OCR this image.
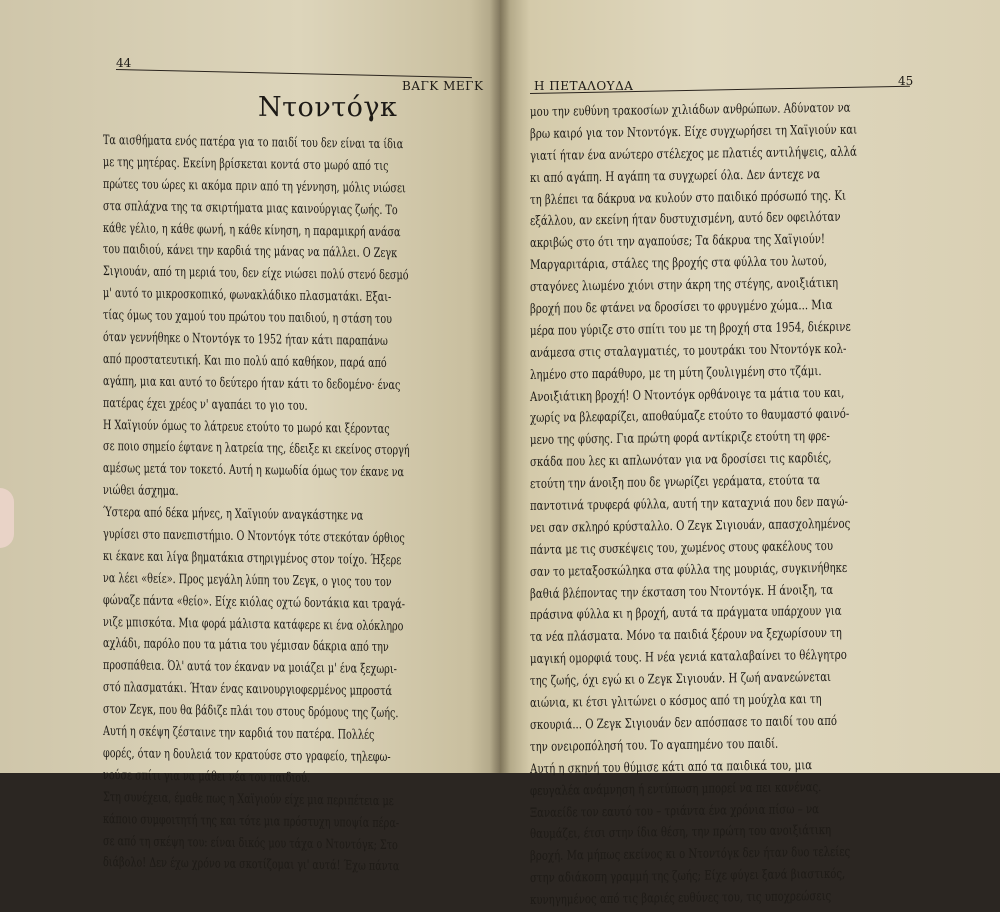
44
ΒΑΓΚ ΜΕΓΚ
Ντοντόγκ
Τα αισθήματα ενός πατέρα για το παιδί του δεν είναι τα ίδια
με της μητέρας. Εκείνη βρίσκεται κοντά στο μωρό από τις
πρώτες του ώρες κι ακόμα πριν από τη γέννηση, μόλις νιώσει
στα σπλάχνα της τα σκιρτήματα μιας καινούργιας ζωής. Το
κάθε γέλιο, η κάθε φωνή, η κάθε κίνηση, η παραμικρή ανάσα
του παιδιού, κάνει την καρδιά της μάνας να πάλλει. Ο Ζεγκ
Σιγιουάν, από τη μεριά του, δεν είχε νιώσει πολύ στενό δεσμό
μ' αυτό το μικροσκοπικό, φωνακλάδικο πλασματάκι. Εξαι-
τίας όμως του χαμού του πρώτου του παιδιού, η στάση του
όταν γεννήθηκε ο Ντοντόγκ το 1952 ήταν κάτι παραπάνω
από προστατευτική. Και πιο πολύ από καθήκον, παρά από
αγάπη, μια και αυτό το δεύτερο ήταν κάτι το δεδομένο· ένας
πατέρας έχει χρέος ν' αγαπάει το γιο του.
Η Χαϊγιούν όμως το λάτρευε ετούτο το μωρό και ξέροντας
σε ποιο σημείο έφτανε η λατρεία της, έδειξε κι εκείνος στοργή
αμέσως μετά τον τοκετό. Αυτή η κωμωδία όμως τον έκανε να
νιώθει άσχημα.
Ύστερα από δέκα μήνες, η Χαϊγιούν αναγκάστηκε να
γυρίσει στο πανεπιστήμιο. Ο Ντοντόγκ τότε στεκόταν όρθιος
κι έκανε και λίγα βηματάκια στηριγμένος στον τοίχο. Ήξερε
να λέει «θείε». Προς μεγάλη λύπη του Ζεγκ, ο γιος του τον
φώναζε πάντα «θείο». Είχε κιόλας οχτώ δοντάκια και τραγά-
νιζε μπισκότα. Μια φορά μάλιστα κατάφερε κι ένα ολόκληρο
αχλάδι, παρόλο που τα μάτια του γέμισαν δάκρια από την
προσπάθεια. Όλ' αυτά τον έκαναν να μοιάζει μ' ένα ξεχωρι-
στό πλασματάκι. Ήταν ένας καινουργιοφερμένος μπροστά
στον Ζεγκ, που θα βάδιζε πλάι του στους δρόμους της ζωής.
Αυτή η σκέψη ζέσταινε την καρδιά του πατέρα. Πολλές
φορές, όταν η δουλειά τον κρατούσε στο γραφείο, τηλεφω-
νούσε σπίτι για να μάθει νέα του παιδιού.
Στη συνέχεια, έμαθε πως η Χαϊγιούν είχε μια περιπέτεια με
κάποιο συμφοιτητή της και τότε μια πρόστυχη υποψία πέρα-
σε από τη σκέψη του: είναι δικός μου τάχα ο Ντοντόγκ; Στο
διάβολο! Δεν έχω χρόνο να σκοτίζομαι γι' αυτά! Έχω πάντα
45
Η ΠΕΤΑΛΟΥΔΑ
μου την ευθύνη τρακοσίων χιλιάδων ανθρώπων. Αδύνατον να
βρω καιρό για τον Ντοντόγκ. Είχε συγχωρήσει τη Χαϊγιούν και
γιατί ήταν ένα ανώτερο στέλεχος με πλατιές αντιλήψεις, αλλά
κι από αγάπη. Η αγάπη τα συγχωρεί όλα. Δεν άντεχε να
τη βλέπει τα δάκρυα να κυλούν στο παιδικό πρόσωπό της. Κι
εξάλλου, αν εκείνη ήταν δυστυχισμένη, αυτό δεν οφειλόταν
ακριβώς στο ότι την αγαπούσε; Τα δάκρυα της Χαϊγιούν!
Μαργαριτάρια, στάλες της βροχής στα φύλλα του λωτού,
σταγόνες λιωμένο χιόνι στην άκρη της στέγης, ανοιξιάτικη
βροχή που δε φτάνει να δροσίσει το φρυγμένο χώμα... Μια
μέρα που γύριζε στο σπίτι του με τη βροχή στα 1954, διέκρινε
ανάμεσα στις σταλαγματιές, το μουτράκι του Ντοντόγκ κολ-
λημένο στο παράθυρο, με τη μύτη ζουλιγμένη στο τζάμι.
Ανοιξιάτικη βροχή! Ο Ντοντόγκ ορθάνοιγε τα μάτια του και,
χωρίς να βλεφαρίζει, αποθαύμαζε ετούτο το θαυμαστό φαινό-
μενο της φύσης. Για πρώτη φορά αντίκριζε ετούτη τη φρε-
σκάδα που λες κι απλωνόταν για να δροσίσει τις καρδιές,
ετούτη την άνοιξη που δε γνωρίζει γεράματα, ετούτα τα
παντοτινά τρυφερά φύλλα, αυτή την καταχνιά που δεν παγώ-
νει σαν σκληρό κρύσταλλο. Ο Ζεγκ Σιγιουάν, απασχολημένος
πάντα με τις συσκέψεις του, χωμένος στους φακέλους του
σαν το μεταξοσκώληκα στα φύλλα της μουριάς, συγκινήθηκε
βαθιά βλέποντας την έκσταση του Ντοντόγκ. Η άνοιξη, τα
πράσινα φύλλα κι η βροχή, αυτά τα πράγματα υπάρχουν για
τα νέα πλάσματα. Μόνο τα παιδιά ξέρουν να ξεχωρίσουν τη
μαγική ομορφιά τους. Η νέα γενιά καταλαβαίνει το θέλγητρο
της ζωής, όχι εγώ κι ο Ζεγκ Σιγιουάν. Η ζωή ανανεώνεται
αιώνια, κι έτσι γλιτώνει ο κόσμος από τη μούχλα και τη
σκουριά... Ο Ζεγκ Σιγιουάν δεν απόσπασε το παιδί του από
την ονειροπόλησή του. Το αγαπημένο του παιδί.
Αυτή η σκηνή του θύμισε κάτι από τα παιδικά του, μια
φευγαλέα ανάμνηση ή εντύπωση μπορεί να πει κανένας.
Ξαναείδε τον εαυτό του – τριάντα ένα χρόνια πίσω – να
θαυμάζει, έτσι στην ίδια θέση, την πρώτη του ανοιξιάτικη
βροχή. Μα μήπως εκείνος κι ο Ντοντόγκ δεν ήταν δυο τελείες
στην αδιάκοπη γραμμή της ζωής; Είχε φύγει ξανά βιαστικός,
κυνηγημένος από τις βαριές ευθύνες του, τις υποχρεώσεις
